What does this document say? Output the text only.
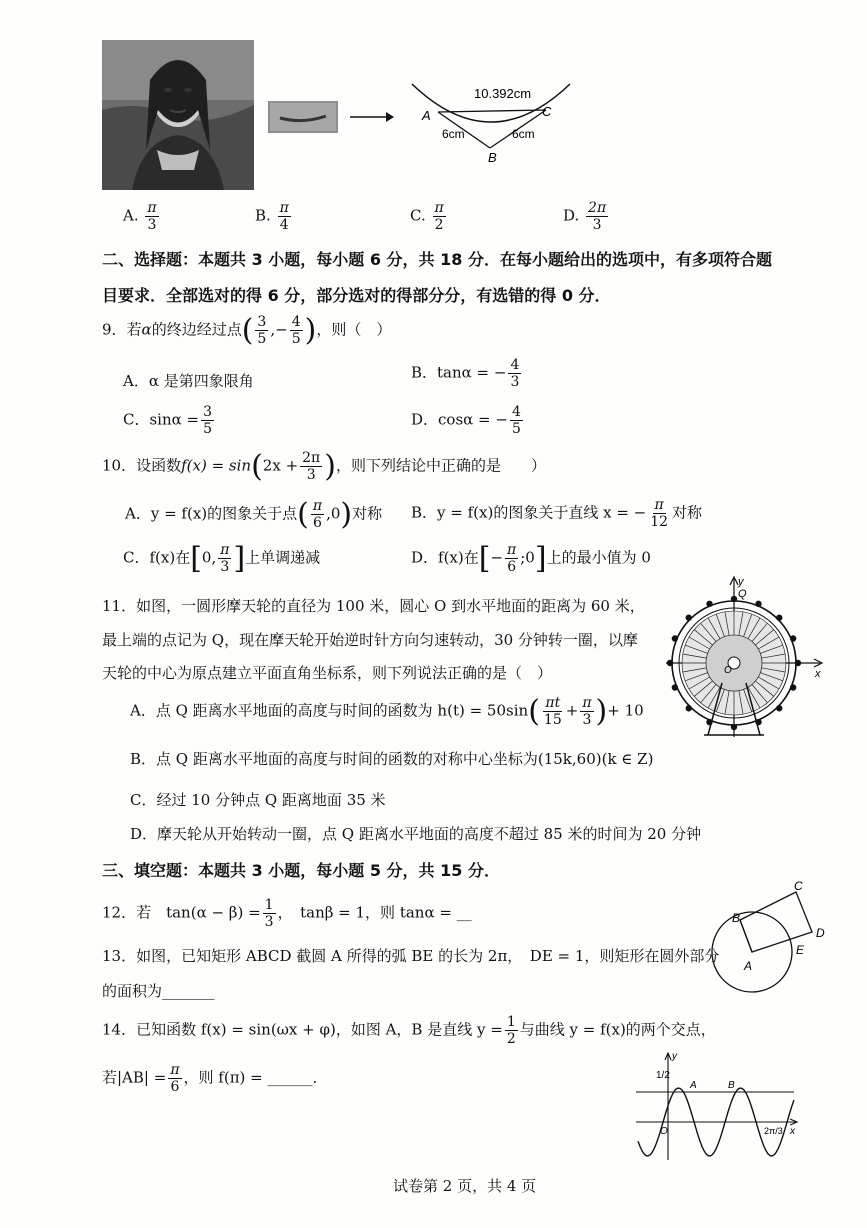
10.392cm
A	C
B
6cm	6cm
A. $\frac{\pi}{3}$	B. $\frac{\pi}{4}$	C. $\frac{\pi}{2}$	D. $\frac{2\pi}{3}$
二、选择题：本题共 3 小题，每小题 6 分，共 18 分．在每小题给出的选项中，有多项符合题
目要求．全部选对的得 6 分，部分选对的得部分分，有选错的得 0 分．
9．若α的终边经过点( $\frac{3}{5}$ ,− $\frac{4}{5}$ )，则（　）
A．α 是第四象限角	B．tanα = − $\frac{4}{3}$
C．$\sin\alpha = \frac{3}{5}$	D．cosα = − $\frac{4}{5}$
10．设函数$f(x) = \sin(2x + \frac{2\pi}{3}$ )，则下列结论中正确的是　　）
A．y = f(x)的图象关于点( $\frac{\pi}{6} ,0$)对称 B．y = f(x)的图象关于直线 x = − $\frac{\pi}{12}$ 对称
C．f(x)在[0, $\frac{\pi}{3}$ ]上单调递减	D．f(x)在[− $\frac{\pi}{6}$ ;0]上的最小值为 0
11．如图，一圆形摩天轮的直径为 100 米，圆心 O 到水平地面的距离为 60 米，
最上端的点记为 Q，现在摩天轮开始逆时针方向匀速转动，30 分钟转一圈，以摩
天轮的中心为原点建立平面直角坐标系，则下列说法正确的是（　）
A．点 Q 距离水平地面的高度与时间的函数为 $h(t) = 50\sin( \frac{\pi t}{15} + \frac{\pi}{3}$ )+ 10
B．点 Q 距离水平地面的高度与时间的函数的对称中心坐标为(15k,60)(k ∈ Z)
C．经过 10 分钟点 Q 距离地面 35 米
D．摩天轮从开始转动一圈，点 Q 距离水平地面的高度不超过 85 米的时间为 20 分钟
y
x
Q
O
三、填空题：本题共 3 小题，每小题 5 分，共 15 分．
12．若　$\tan(\alpha - \beta) = \frac{1}{3}$ ，　tanβ = 1，则 tanα = __
13．如图，已知矩形 ABCD 截圆 A 所得的弧 BE 的长为 2π，　DE = 1，则矩形在圆外部分
的面积为_______
A
B
C
D
E
14．已知函数 f(x) = sin(ωx + φ)，如图 A，B 是直线 $y = \frac{1}{2}$ 与曲线 y = f(x)的两个交点，
若$|AB| = \frac{\pi}{6}$ ，则 f(π) = ______．
y
1/2
A	B
O	x
2π/3
试卷第 2 页，共 4 页
